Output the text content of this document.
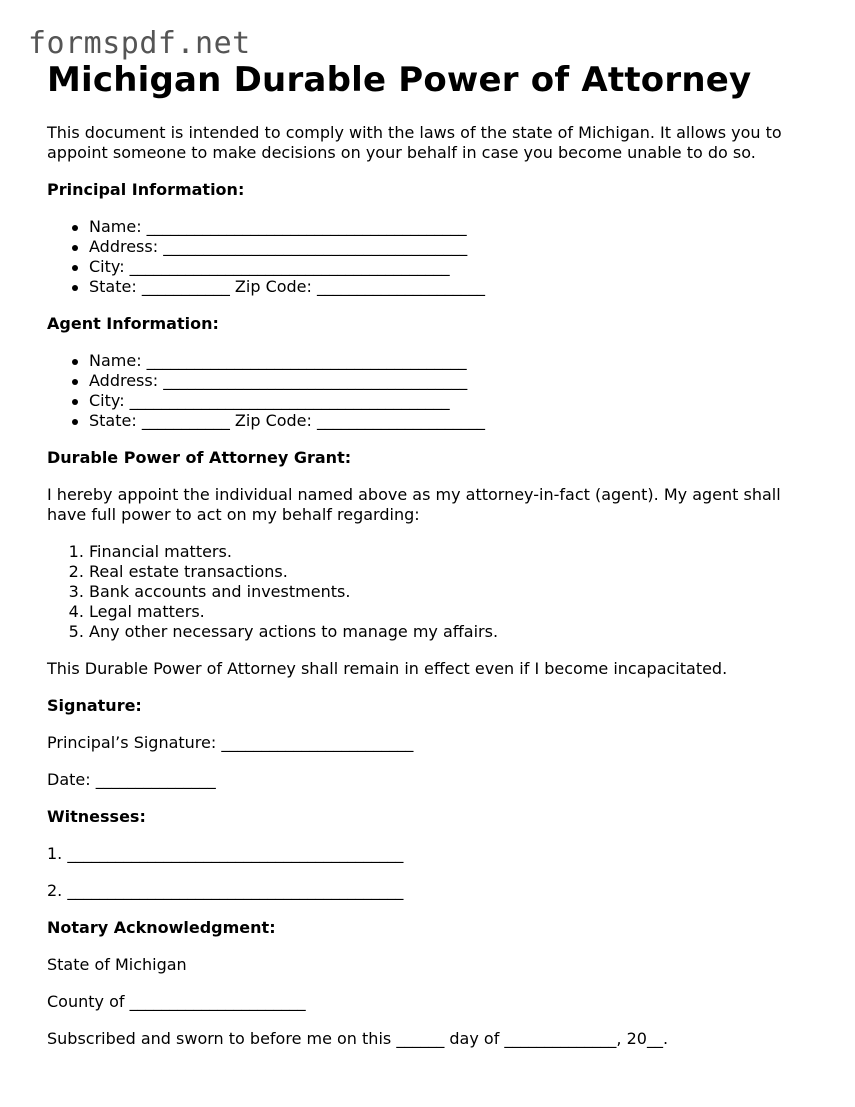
formspdf.net
Michigan Durable Power of Attorney

This document is intended to comply with the laws of the state of Michigan. It allows you to appoint someone to make decisions on your behalf in case you become unable to do so.

Principal Information:
Name: ________________________________________
Address: ______________________________________
City: ________________________________________
State: ___________ Zip Code: _____________________
Agent Information:
Name: ________________________________________
Address: ______________________________________
City: ________________________________________
State: ___________ Zip Code: _____________________
Durable Power of Attorney Grant:

I hereby appoint the individual named above as my attorney-in-fact (agent). My agent shall have full power to act on my behalf regarding:

1. Financial matters.
2. Real estate transactions.
3. Bank accounts and investments.
4. Legal matters.
5. Any other necessary actions to manage my affairs.

This Durable Power of Attorney shall remain in effect even if I become incapacitated.

Signature:

Principal’s Signature: ________________________

Date: _______________

Witnesses:

1. __________________________________________

2. __________________________________________

Notary Acknowledgment:

State of Michigan

County of ______________________

Subscribed and sworn to before me on this ______ day of ______________, 20__.
